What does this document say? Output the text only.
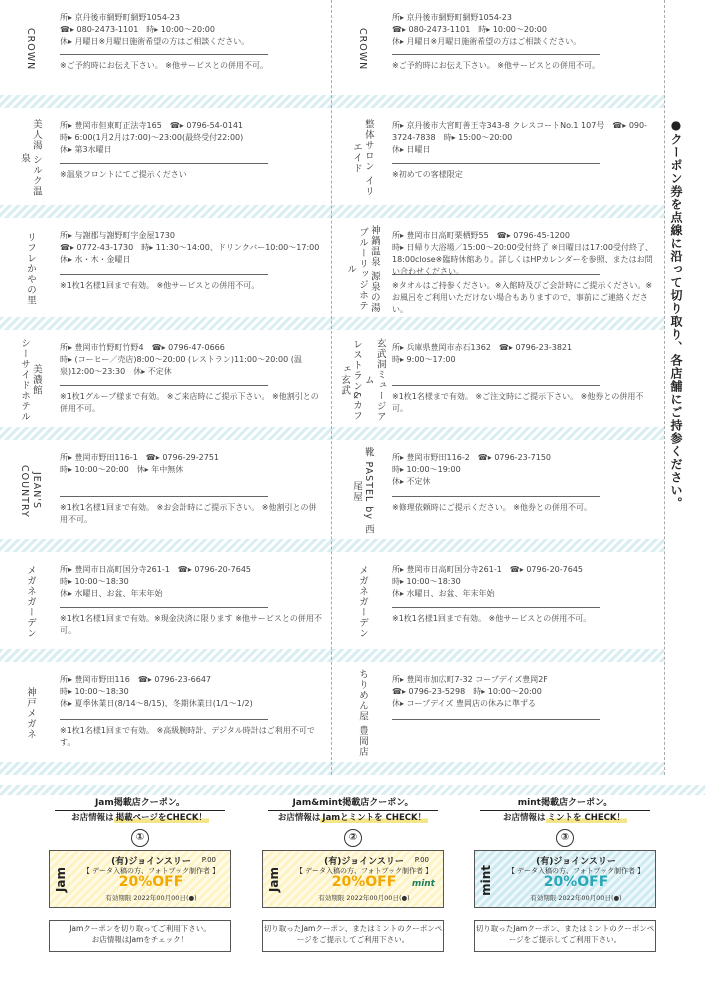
CROWN
所▸ 京丹後市網野町網野1054-23
☎▸ 080-2473-1101　時▸ 10:00〜20:00
休▸ 月曜日※月曜日施術希望の方はご相談ください。
※ご予約時にお伝え下さい。 ※他サービスとの併用不可。
美人湯 シルク温泉
所▸ 豊岡市但東町正法寺165　☎▸ 0796-54-0141
時▸ 6:00(1月2月は7:00)〜23:00(最終受付22:00)
休▸ 第3水曜日
※温泉フロントにてご提示ください
リフレかやの里	所▸ 与謝郡与謝野町字金屋1730
☎▸ 0772-43-1730　時▸ 11:30〜14:00、ドリンクバー10:00〜17:00　休▸ 水・木・金曜日
※1枚1名様1回まで有効。 ※他サービスとの併用不可。
美濃館
シーサイドホテル	所▸ 豊岡市竹野町竹野4　☎▸ 0796-47-0666
時▸ (コーヒー／売店)8:00〜20:00 (レストラン)11:00〜20:00 (温泉)12:00〜23:30　休▸ 不定休
※1枚1グループ様まで有効。 ※ご来店時にご提示下さい。 ※他割引との併用不可。
JEAN'S COUNTRY
所▸ 豊岡市野田116-1　☎▸ 0796-29-2751
時▸ 10:00〜20:00　休▸ 年中無休
※1枚1名様1回まで有効。 ※お会計時にご提示下さい。 ※他割引との併用不可。
メガネガーデン	所▸ 豊岡市日高町国分寺261-1　☎▸ 0796-20-7645
時▸ 10:00〜18:30
休▸ 水曜日、お盆、年末年始
※1枚1名様1回まで有効。※現金決済に限ります ※他サービスとの併用不可。
神戸メガネ
所▸ 豊岡市野田116　☎▸ 0796-23-6647
時▸ 10:00〜18:30
休▸ 夏季休業日(8/14〜8/15)、冬期休業日(1/1〜1/2)
※1枚1名様1回まで有効。 ※高級腕時計、デジタル時計はご利用不可です。
CROWN
所▸ 京丹後市網野町網野1054-23
☎▸ 080-2473-1101　時▸ 10:00〜20:00
休▸ 月曜日※月曜日施術希望の方はご相談ください。
※ご予約時にお伝え下さい。 ※他サービスとの併用不可。
整体サロン イリエイド
所▸ 京丹後市大宮町善王寺343-8 クレスコートNo.1 107号　☎▸ 090-3724-7838　時▸ 15:00〜20:00
休▸ 日曜日
※初めての客様限定
神鍋温泉 源泉の湯
ブルーリッジホテル
所▸ 豊岡市日高町栗栖野55　☎▸ 0796-45-1200
時▸ 日帰り大浴場／15:00〜20:00受付終了 ※日曜日は17:00受付終了、18:00close※臨時休館あり。詳しくはHPカレンダーを参照、またはお問い合わせください。
※タオルはご持参ください。※入館時及びご会計時にご提示ください。※お風呂をご利用いただけない場合もありますので、事前にご連絡ください。
玄武洞ミュージアム
レストラン&カフェ玄武
所▸ 兵庫県豊岡市赤石1362　☎▸ 0796-23-3821
時▸ 9:00〜17:00
※1枚1名様まで有効。 ※ご注文時にご提示下さい。 ※他券との併用不可。
靴 PASTEL by 西尾屋
所▸ 豊岡市野田116-2　☎▸ 0796-23-7150
時▸ 10:00〜19:00
休▸ 不定休
※修理依頼時にご提示ください。 ※他券との併用不可。
メガネガーデン	所▸ 豊岡市日高町国分寺261-1　☎▸ 0796-20-7645
時▸ 10:00〜18:30
休▸ 水曜日、お盆、年末年始
※1枚1名様1回まで有効。 ※他サービスとの併用不可。
ちりめん屋 豊岡店	所▸ 豊岡市加広町7-32 コープデイズ豊岡2F
☎▸ 0796-23-5298　時▸ 10:00〜20:00
休▸ コープデイズ 豊岡店の休みに準ずる
●クーポン券を点線に沿って切り取り、各店舗にご持参ください。
Jam掲載店クーポン。
お店情報は 掲載ページをCHECK！
①
Jam
(有)ジョインスリー	P.00
【 データ入稿の方、フォトブック制作者 】
20%OFF
有効期限 2022年00月00日(●)
Jamクーポンを切り取ってご利用下さい。
お店情報はJamをチェック！
Jam&mint掲載店クーポン。
お店情報は Jamとミントを CHECK！
②
Jam
(有)ジョインスリー	P.00
【 データ入稿の方、フォトブック制作者 】
20%OFF	mint
有効期限 2022年00月00日(●)
切り取ったJamクーポン、またはミントのクーポンページをご提示してご利用下さい。
mint掲載店クーポン。
お店情報は ミントを CHECK！
③
mint
(有)ジョインスリー
【 データ入稿の方、フォトブック制作者 】
20%OFF
有効期限 2022年00月00日(●)
切り取ったJamクーポン、またはミントのクーポンページをご提示してご利用下さい。
